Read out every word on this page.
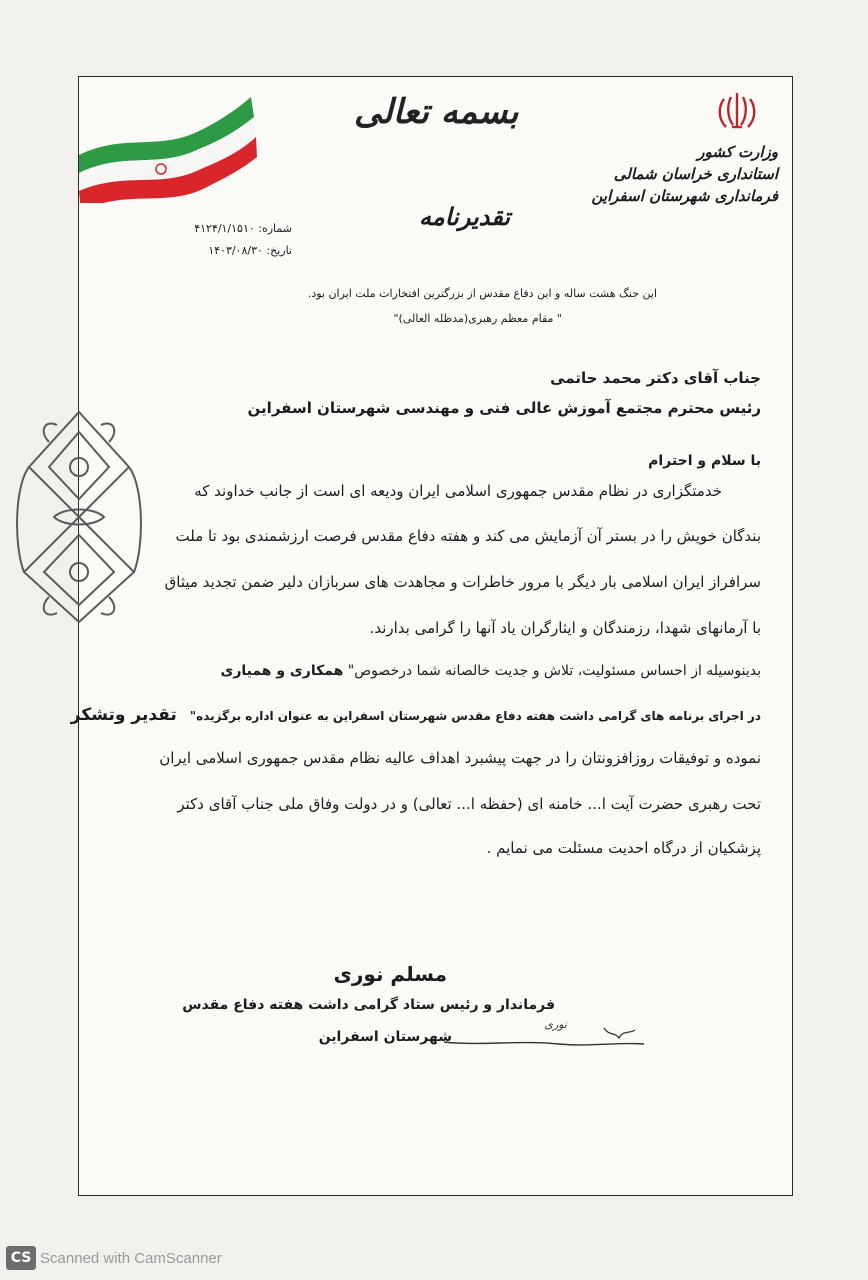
بسمه تعالی
وزارت کشور
استانداری خراسان شمالی
فرمانداری شهرستان اسفراین
تقدیرنامه
شماره: ۴۱۲۴/۱/۱۵۱۰
تاریخ: ۱۴۰۳/۰۸/۳۰
این جنگ هشت ساله و این دفاع مقدس از بزرگترین افتخارات ملت ایران بود.
" مقام معظم رهبری(مدظله العالی)"
جناب آقای دکتر محمد حاتمی
رئیس محترم مجتمع آموزش عالی فنی و مهندسی شهرستان اسفراین
با سلام و احترام
خدمتگزاری در نظام مقدس جمهوری اسلامی ایران ودیعه ای است از جانب خداوند که
بندگان خویش را در بستر آن آزمایش می کند و هفته دفاع مقدس فرصت ارزشمندی بود تا ملت
سرافراز ایران اسلامی بار دیگر با مرور خاطرات و مجاهدت های سربازان دلیر ضمن تجدید میثاق
با آرمانهای شهدا، رزمندگان و ایثارگران یاد آنها را گرامی بدارند.
بدینوسیله از احساس مسئولیت، تلاش و جدیت خالصانه شما درخصوص" همکاری و همیاری
در اجرای برنامه های گرامی داشت هفته دفاع مقدس شهرستان اسفراین به عنوان اداره برگزیده" تقدیر وتشکر
نموده و توفیقات روزافزونتان را در جهت پیشبرد اهداف عالیه نظام مقدس جمهوری اسلامی ایران
تحت رهبری حضرت آیت ا... خامنه ای (حفظه ا... تعالی) و در دولت وفاق ملی جناب آقای دکتر
پزشکیان از درگاه احدیت مسئلت می نمایم .
مسلم نوری
فرماندار و رئیس ستاد گرامی داشت هفته دفاع مقدس
نوری
شهرستان اسفراین
CS Scanned with CamScanner
